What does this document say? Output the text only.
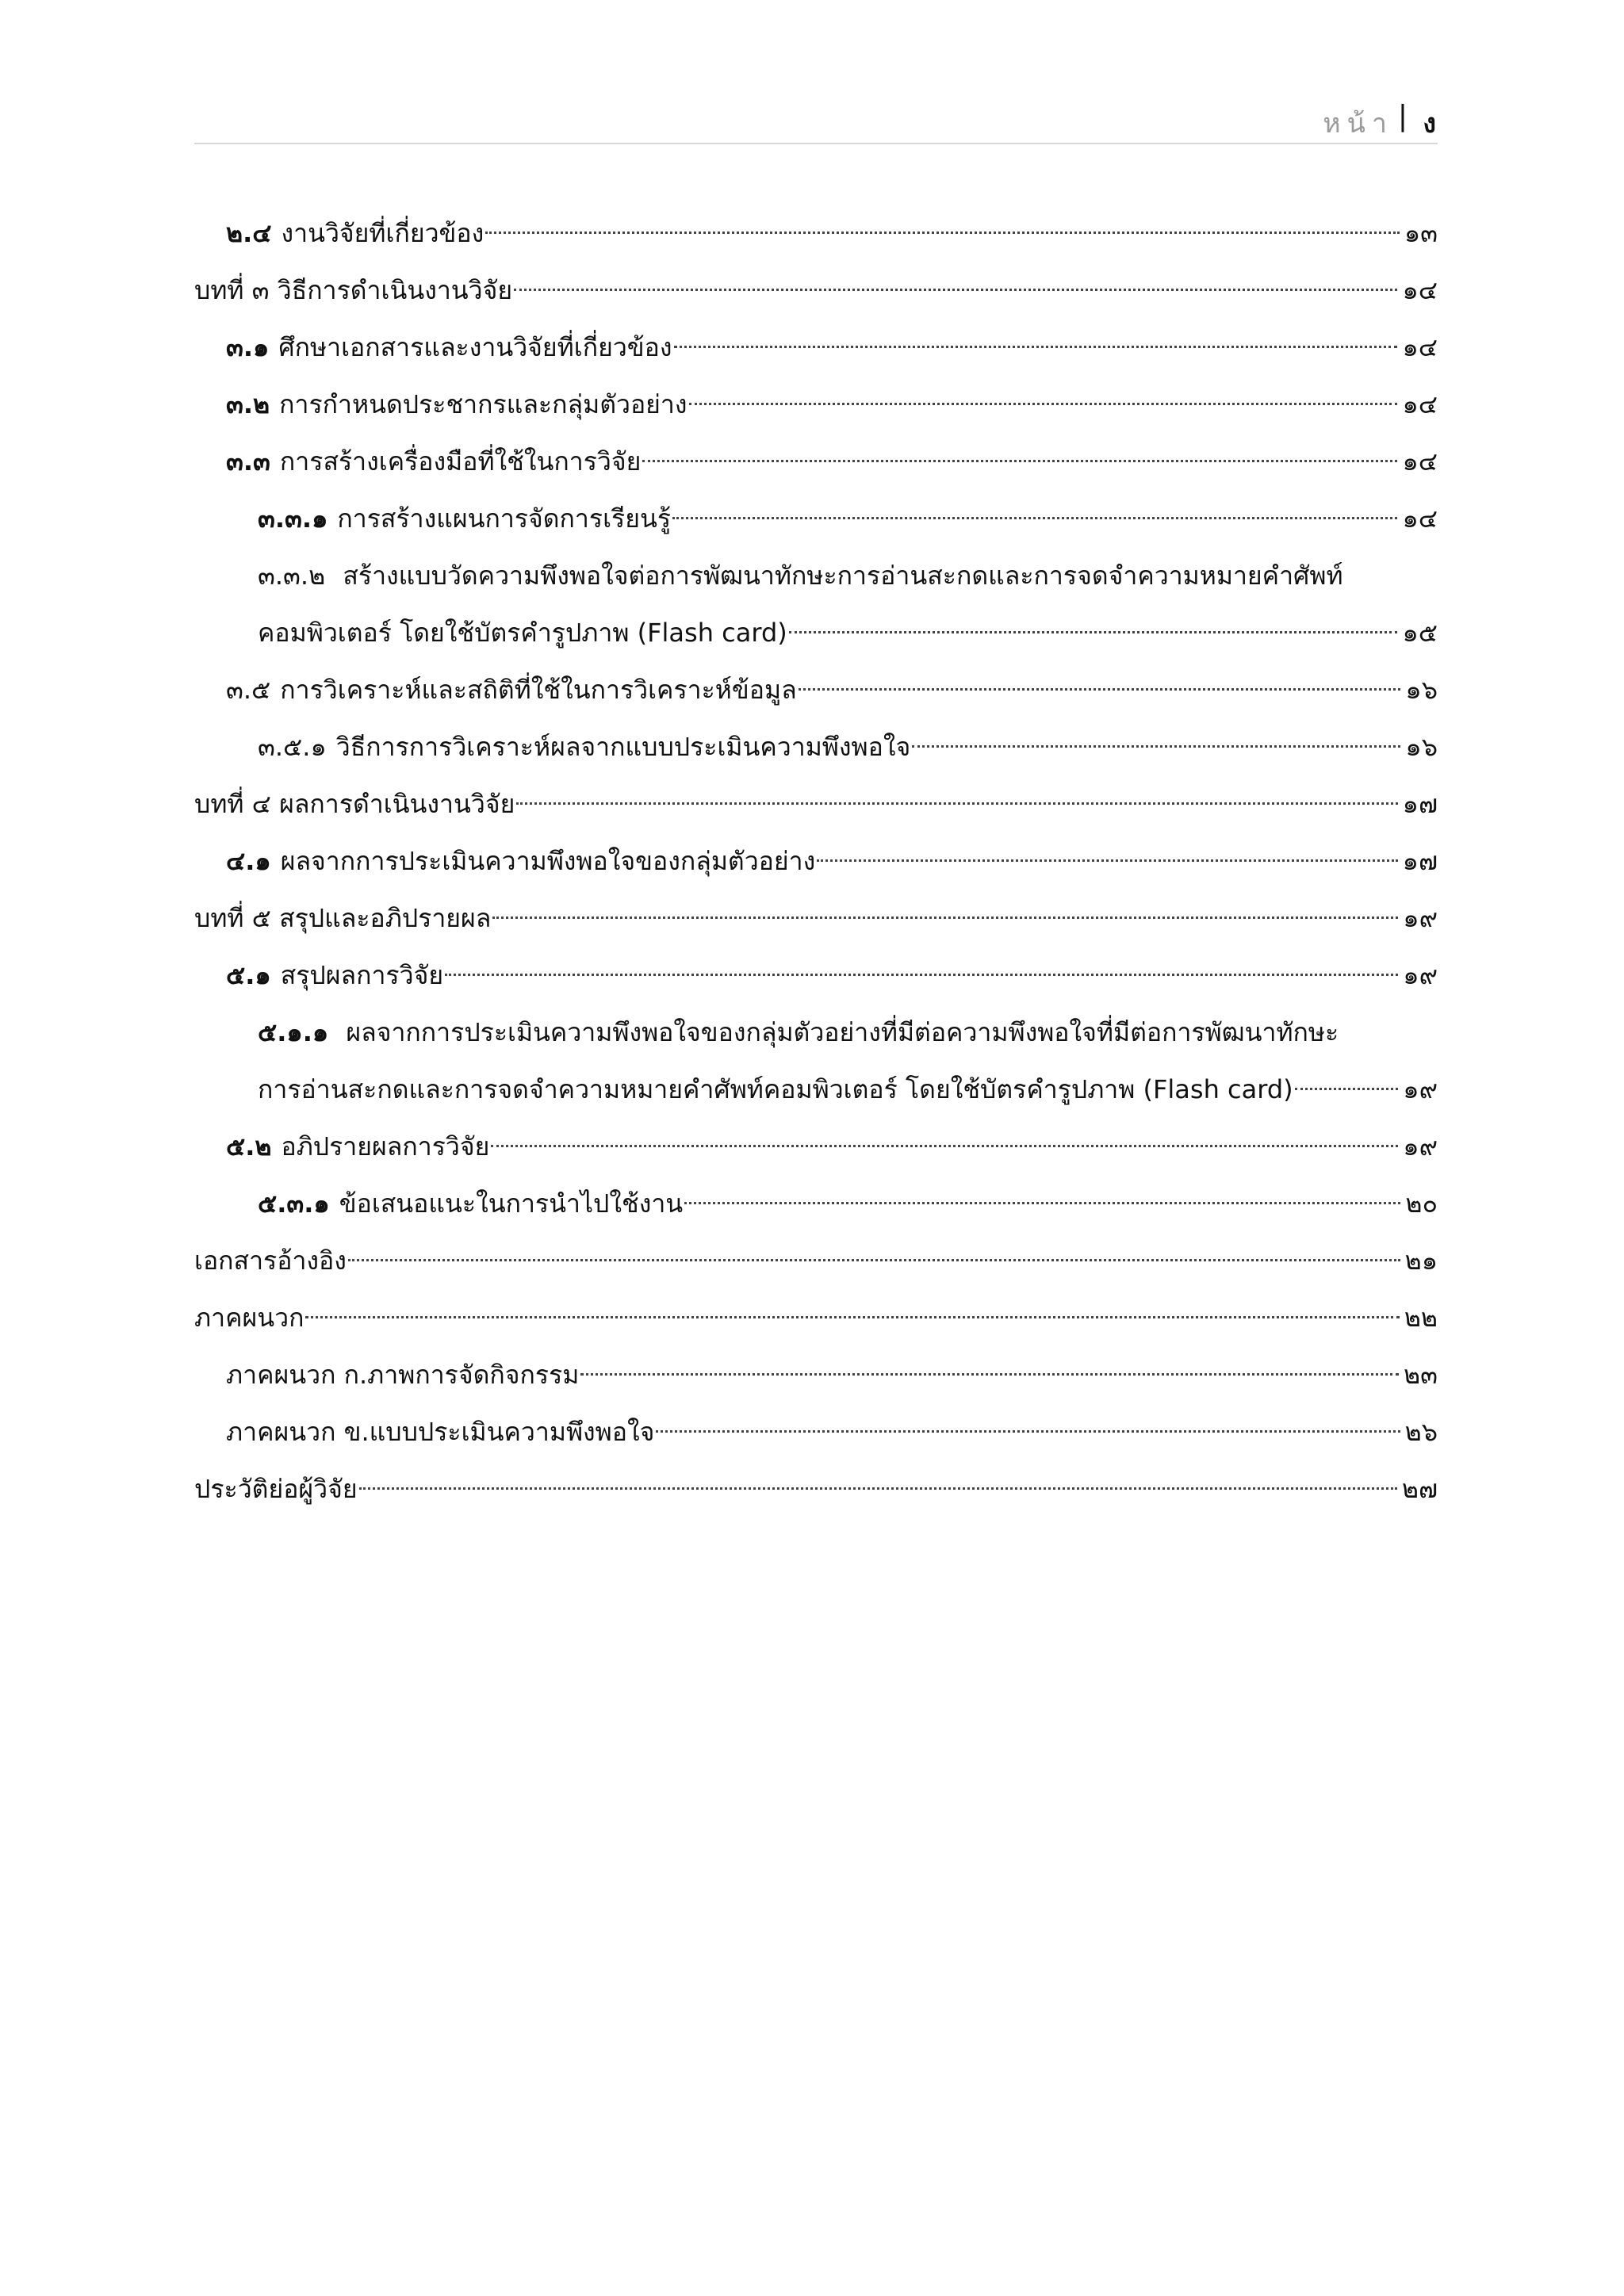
หน้า | ง
๒.๔ งานวิจัยที่เกี่ยวข้อง	๑๓
บทที่ ๓ วิธีการดำเนินงานวิจัย	๑๔
๓.๑ ศึกษาเอกสารและงานวิจัยที่เกี่ยวข้อง	๑๔
๓.๒ การกำหนดประชากรและกลุ่มตัวอย่าง	๑๔
๓.๓ การสร้างเครื่องมือที่ใช้ในการวิจัย	๑๔
๓.๓.๑ การสร้างแผนการจัดการเรียนรู้	๑๔
๓.๓.๒ สร้างแบบวัดความพึงพอใจต่อการพัฒนาทักษะการอ่านสะกดและการจดจำความหมายคำศัพท์
คอมพิวเตอร์ โดยใช้บัตรคำรูปภาพ (Flash card)	๑๕
๓.๕ การวิเคราะห์และสถิติที่ใช้ในการวิเคราะห์ข้อมูล	๑๖
๓.๕.๑ วิธีการการวิเคราะห์ผลจากแบบประเมินความพึงพอใจ	๑๖
บทที่ ๔ ผลการดำเนินงานวิจัย	๑๗
๔.๑ ผลจากการประเมินความพึงพอใจของกลุ่มตัวอย่าง	๑๗
บทที่ ๕ สรุปและอภิปรายผล	๑๙
๕.๑ สรุปผลการวิจัย	๑๙
๕.๑.๑ ผลจากการประเมินความพึงพอใจของกลุ่มตัวอย่างที่มีต่อความพึงพอใจที่มีต่อการพัฒนาทักษะ
การอ่านสะกดและการจดจำความหมายคำศัพท์คอมพิวเตอร์ โดยใช้บัตรคำรูปภาพ (Flash card)	๑๙
๕.๒ อภิปรายผลการวิจัย	๑๙
๕.๓.๑ ข้อเสนอแนะในการนำไปใช้งาน	๒๐
เอกสารอ้างอิง	๒๑
ภาคผนวก	๒๒
ภาคผนวก ก.ภาพการจัดกิจกรรม	๒๓
ภาคผนวก ข.แบบประเมินความพึงพอใจ	๒๖
ประวัติย่อผู้วิจัย	๒๗
